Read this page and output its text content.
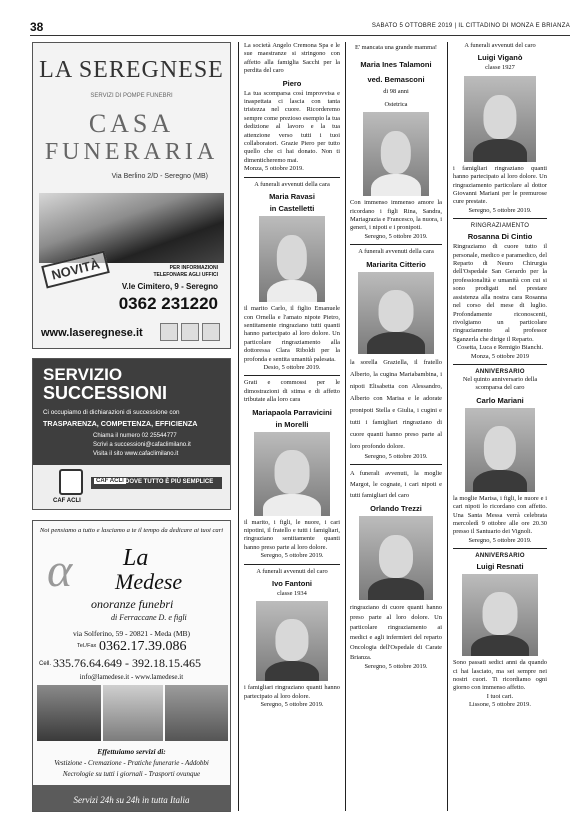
38	SABATO 5 OTTOBRE 2019 | IL CITTADINO DI MONZA E BRIANZA
LA SEREGNESE
SERVIZI DI POMPE FUNEBRI
CASA
FUNERARIA
Via Berlino 2/D - Seregno (MB)
NOVITÀ	PER INFORMAZIONI
TELEFONARE AGLI UFFICI
V.le Cimitero, 9 - Seregno
0362 231220
www.laseregnese.it
SERVIZIO
SUCCESSIONI
Ci occupiamo di dichiarazioni di successione con
TRASPARENZA, COMPETENZA, EFFICIENZA
Chiama il numero 02 25544777
Scrivi a successioni@cafaclimilano.it
Visita il sito www.cafaclimilano.it
CAF ACLI
CAF ACLI DOVE TUTTO È PIÙ SEMPLICE
Noi pensiamo a tutto e lasciamo a te il tempo da dedicare ai tuoi cari
α La
Medese
onoranze funebri
di Ferraccane D. e figli
via Solferino, 59 - 20821 - Meda (MB)
Tel./Fax 0362.17.39.086
Cell. 335.76.64.649 - 392.18.15.465
info@lamedese.it - www.lamedese.it
Effettuiamo servizi di:
Vestizione - Cremazione - Pratiche funerarie - Addobbi
Necrologie su tutti i giornali - Trasporti ovunque
Servizi 24h su 24h in tutta Italia

La società Angelo Cremona Spa e le sue maestranze si stringono con affetto alla famiglia Sacchi per la perdita del caro

Piero

La tua scomparsa così improvvisa e inaspettata ci lascia con tanta tristezza nel cuore. Ricorderemo sempre come prezioso esempio la tua dedizione al lavoro e la tua attenzione verso tutti i tuoi collaboratori. Grazie Piero per tutto quello che ci hai donato. Non ti dimenticheremo mai.

Monza, 5 ottobre 2019.

A funerali avvenuti della cara
Maria Ravasi
in Castelletti

il marito Carlo, il figlio Emanuele con Ornella e l'amato nipote Pietro, sentitamente ringraziano tutti quanti hanno partecipato al loro dolore. Un particolare ringraziamento alla dottoressa Clara Riboldi per la profonda e sentita umanità palesata.

Desio, 5 ottobre 2019.

Grati e commossi per le dimostrazioni di stima e di affetto tributate alla loro cara

Mariapaola Parravicini
in Morelli

il marito, i figli, le nuore, i cari nipotini, il fratello e tutti i famigliari, ringraziano sentitamente quanti hanno preso parte al loro dolore.

Seregno, 5 ottobre 2019.

A funerali avvenuti del caro
Ivo Fantoni
classe 1934

i famigliari ringraziano quanti hanno partecipato al loro dolore.

Seregno, 5 ottobre 2019.

E' mancata una grande mamma!
Maria Ines Talamoni
ved. Bemasconi
di 98 anni
Ostetrica

Con immenso immenso amore la ricordano i figli Rina, Sandra, Mariagrazia e Francesco, la nuora, i generi, i nipoti e i pronipoti.

Seregno, 5 ottobre 2019.

A funerali avvenuti della cara
Mariarita Citterio

la sorella Graziella, il fratello Alberto, la cugina Mariabambina, i nipoti Elisabetta con Alessandro, Alberto con Marisa e le adorate pronipoti Stella e Giulia, i cugini e tutti i famigliari ringraziano di cuore quanti hanno preso parte al loro profondo dolore.

Seregno, 5 ottobre 2019.

A funerali avvenuti, la moglie Margot, le cognate, i cari nipoti e tutti famigliari del caro

Orlando Trezzi

ringraziano di cuore quanti hanno preso parte al loro dolore. Un particolare ringraziamento ai medici e agli infermieri del reparto Oncologia dell'Ospedale di Carate Brianza.

Seregno, 5 ottobre 2019.

A funerali avvenuti del caro
Luigi Viganò
classe 1927

i famigliari ringraziano quanti hanno partecipato al loro dolore. Un ringraziamento particolare al dottor Giovanni Mariani per le premurose cure prestate.

Seregno, 5 ottobre 2019.

RINGRAZIAMENTO
Rosanna Di Cintio

Ringraziamo di cuore tutto il personale, medico e paramedico, del Reparto di Neuro Chirurgia dell'Ospedale San Gerardo per la professionalità e umanità con cui si sono prodigati nel prestare assistenza alla nostra cara Rosanna nel corso del mese di luglio. Profondamente riconoscenti, rivolgiamo un particolare ringraziamento al professor Sganzerla che dirige il Reparto.

Cosetta, Luca e Remigio Bianchi.

Monza, 5 ottobre 2019

ANNIVERSARIO
Nel quinto anniversario della scomparsa del caro
Carlo Mariani

la moglie Marisa, i figli, le nuore e i cari nipoti lo ricordano con affetto. Una Santa Messa verrà celebrata mercoledì 9 ottobre alle ore 20.30 presso il Santuario dei Vignoli.

Seregno, 5 ottobre 2019.

ANNIVERSARIO
Luigi Resnati

Sono passati sedici anni da quando ci hai lasciato, ma sei sempre nei nostri cuori. Ti ricordiamo ogni giorno con immenso affetto.

I tuoi cari.

Lissone, 5 ottobre 2019.
